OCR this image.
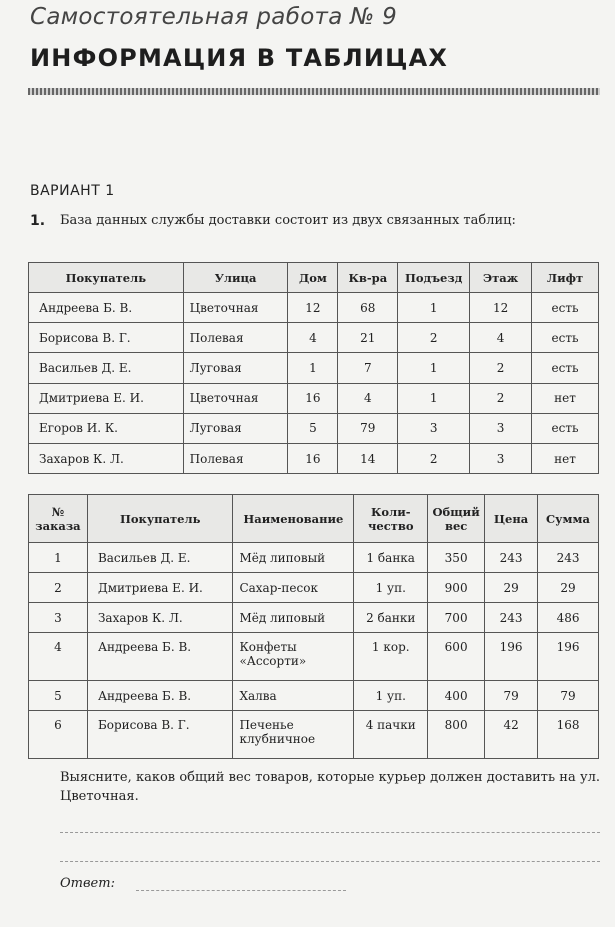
Самостоятельная работа № 9
ИНФОРМАЦИЯ В ТАБЛИЦАХ
ВАРИАНТ 1
1. База данных службы доставки состоит из двух связанных таблиц:
Покупатель	Улица	Дом	Кв-ра	Подъезд	Этаж	Лифт
Андреева Б. В.	Цветочная	12	68	1	12	есть
Борисова В. Г.	Полевая	4	21	2	4	есть
Васильев Д. Е.	Луговая	1	7	1	2	есть
Дмитриева Е. И.	Цветочная	16	4	1	2	нет
Егоров И. К.	Луговая	5	79	3	3	есть
Захаров К. Л.	Полевая	16	14	2	3	нет
№ заказа	Покупатель	Наименование	Коли-чество	Общий вес	Цена	Сумма
1	Васильев Д. Е.	Мёд липовый	1 банка	350	243	243
2	Дмитриева Е. И.	Сахар-песок	1 уп.	900	29	29
3	Захаров К. Л.	Мёд липовый	2 банки	700	243	486
4	Андреева Б. В.	Конфеты «Ассорти»	1 кор.	600	196	196
5	Андреева Б. В.	Халва	1 уп.	400	79	79
6	Борисова В. Г.	Печенье клубничное	4 пачки	800	42	168
Выясните, каков общий вес товаров, которые курьер должен доставить на ул. Цветочная.
Ответ:
